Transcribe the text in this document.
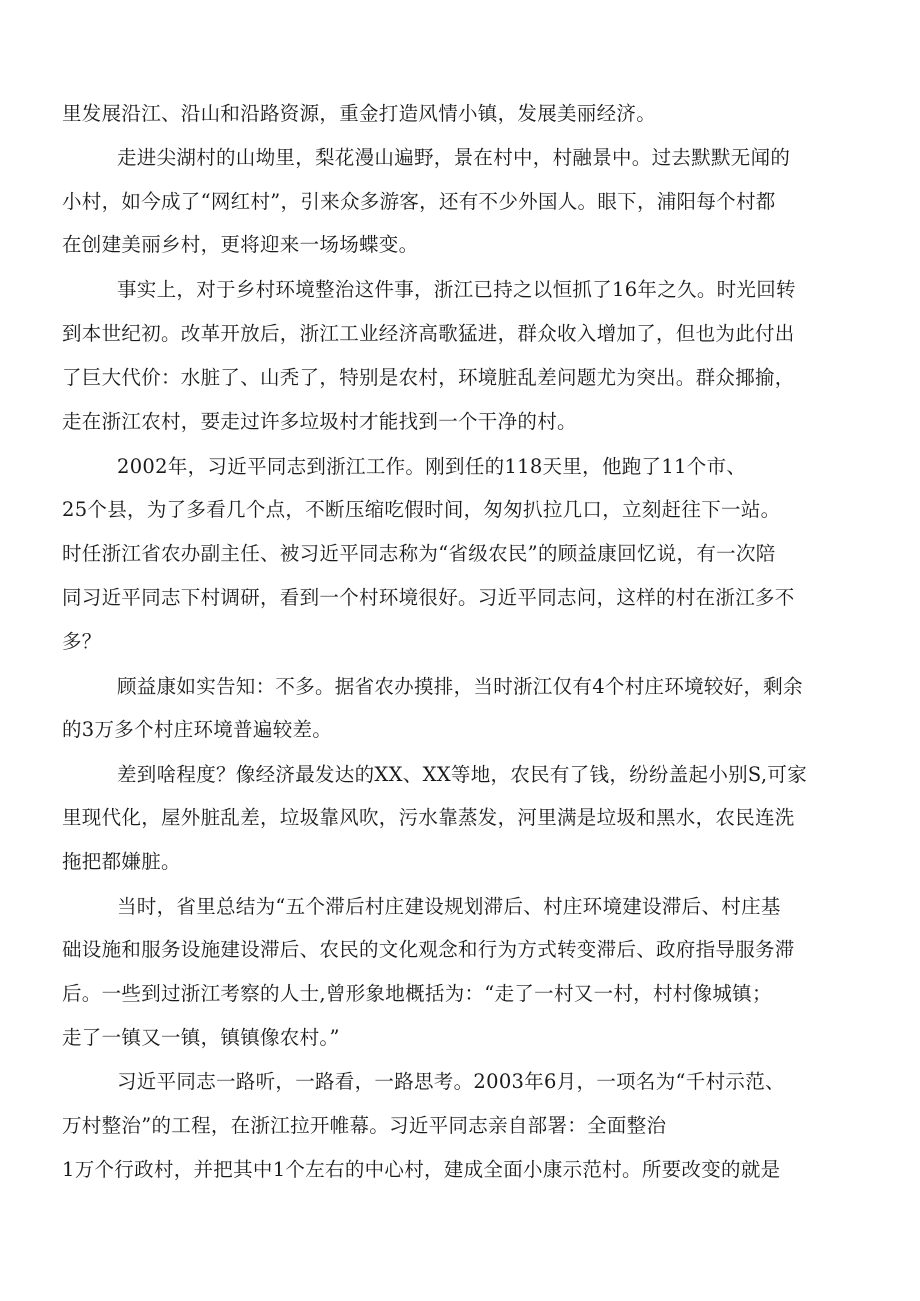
里发展沿江、沿山和沿路资源，重金打造风情小镇，发展美丽经济。
走进尖湖村的山坳里，梨花漫山遍野，景在村中，村融景中。过去默默无闻的
小村，如今成了“网红村”，引来众多游客，还有不少外国人。眼下，浦阳每个村都
在创建美丽乡村，更将迎来一场场蝶变。
事实上，对于乡村环境整治这件事，浙江已持之以恒抓了16年之久。时光回转
到本世纪初。改革开放后，浙江工业经济高歌猛进，群众收入增加了，但也为此付出
了巨大代价：水脏了、山秃了，特别是农村，环境脏乱差问题尤为突出。群众揶揄，
走在浙江农村，要走过许多垃圾村才能找到一个干净的村。
2002年，习近平同志到浙江工作。刚到任的118天里，他跑了11个市、
25个县，为了多看几个点，不断压缩吃假时间，匆匆扒拉几口，立刻赶往下一站。
时任浙江省农办副主任、被习近平同志称为“省级农民”的顾益康回忆说，有一次陪
同习近平同志下村调研，看到一个村环境很好。习近平同志问，这样的村在浙江多不
多？
顾益康如实告知：不多。据省农办摸排，当时浙江仅有4个村庄环境较好，剩余
的3万多个村庄环境普遍较差。
差到啥程度？像经济最发达的XX、XX等地，农民有了钱，纷纷盖起小别S,可家
里现代化，屋外脏乱差，垃圾靠风吹，污水靠蒸发，河里满是垃圾和黑水，农民连洗
拖把都嫌脏。
当时，省里总结为“五个滞后村庄建设规划滞后、村庄环境建设滞后、村庄基
础设施和服务设施建设滞后、农民的文化观念和行为方式转变滞后、政府指导服务滞
后。一些到过浙江考察的人士,曾形象地概括为：“走了一村又一村，村村像城镇；
走了一镇又一镇，镇镇像农村。”
习近平同志一路听，一路看，一路思考。2003年6月，一项名为“千村示范、
万村整治”的工程，在浙江拉开帷幕。习近平同志亲自部署：全面整治
1万个行政村，并把其中1个左右的中心村，建成全面小康示范村。所要改变的就是
